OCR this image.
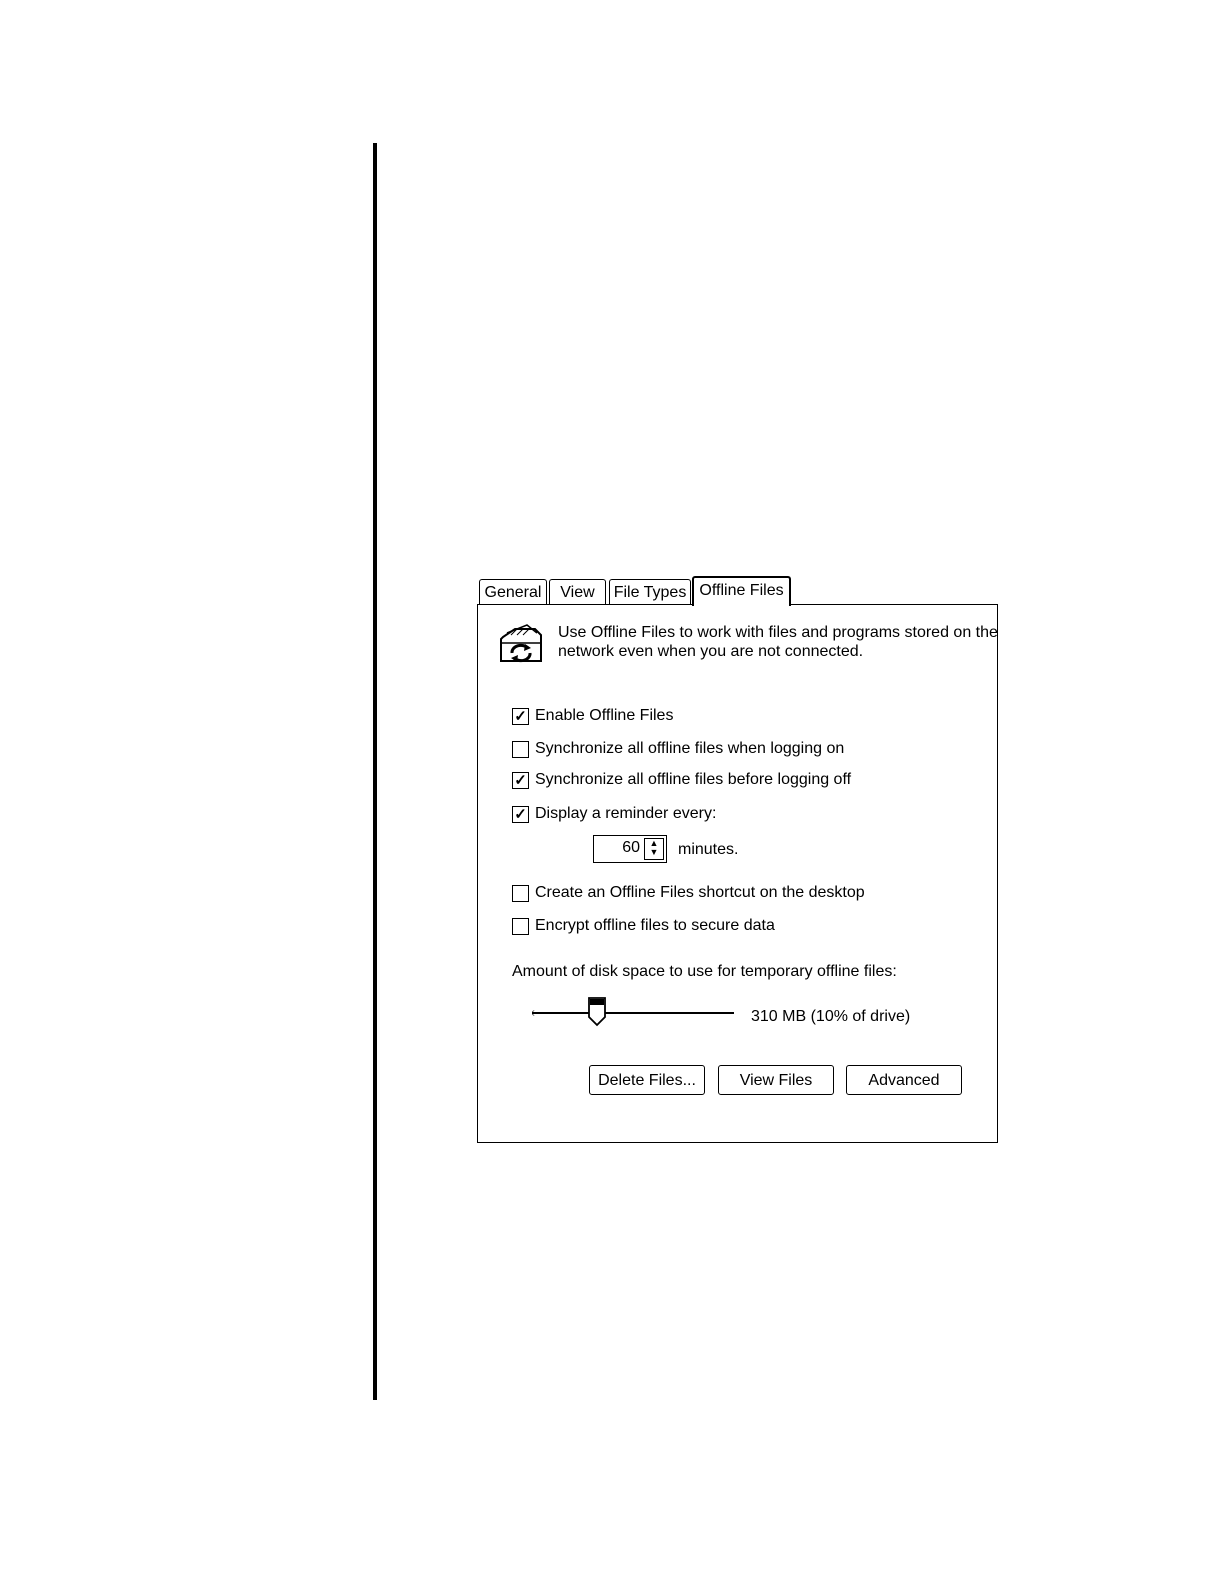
General	View	File Types Offline Files
Use Offline Files to work with files and programs stored on the
network even when you are not connected.
✓ Enable Offline Files
Synchronize all offline files when logging on
✓ Synchronize all offline files before logging off
✓ Display a reminder every:
60	▲
▼	minutes.
Create an Offline Files shortcut on the desktop
Encrypt offline files to secure data
Amount of disk space to use for temporary offline files:
310 MB (10% of drive)
Delete Files...	View Files	Advanced
